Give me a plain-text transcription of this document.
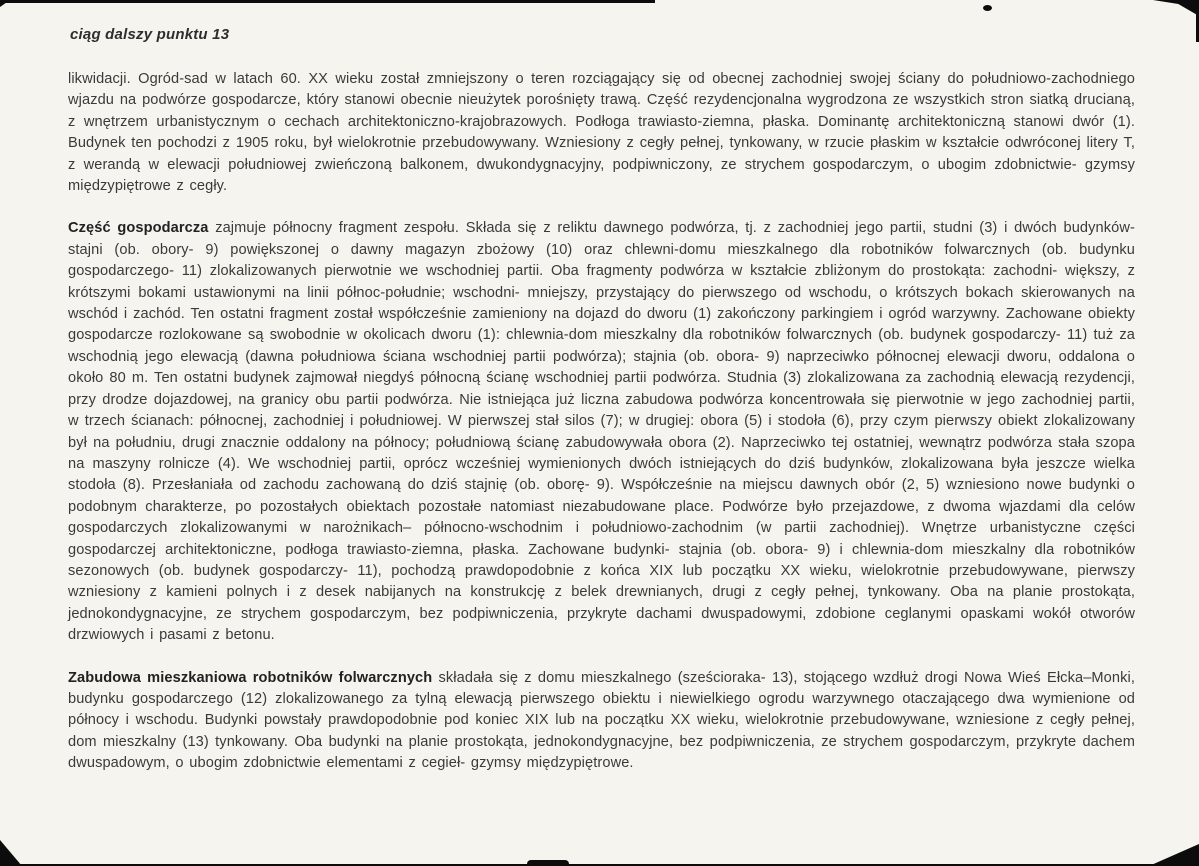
ciąg dalszy punktu 13

likwidacji. Ogród-sad w latach 60. XX wieku został zmniejszony o teren rozciągający się od obecnej zachodniej swojej ściany do południowo-zachodniego wjazdu na podwórze gospodarcze, który stanowi obecnie nieużytek porośnięty trawą. Część rezydencjonalna wygrodzona ze wszystkich stron siatką drucianą, z wnętrzem urbanistycznym o cechach architektoniczno-krajobrazowych. Podłoga trawiasto-ziemna, płaska. Dominantę architektoniczną stanowi dwór (1). Budynek ten pochodzi z 1905 roku, był wielokrotnie przebudowywany. Wzniesiony z cegły pełnej, tynkowany, w rzucie płaskim w kształcie odwróconej litery T, z werandą w elewacji południowej zwieńczoną balkonem, dwukondygnacyjny, podpiwniczony, ze strychem gospodarczym, o ubogim zdobnictwie- gzymsy międzypiętrowe z cegły.

Część gospodarcza zajmuje północny fragment zespołu. Składa się z reliktu dawnego podwórza, tj. z zachodniej jego partii, studni (3) i dwóch budynków- stajni (ob. obory- 9) powiększonej o dawny magazyn zbożowy (10) oraz chlewni-domu mieszkalnego dla robotników folwarcznych (ob. budynku gospodarczego- 11) zlokalizowanych pierwotnie we wschodniej partii. Oba fragmenty podwórza w kształcie zbliżonym do prostokąta: zachodni- większy, z krótszymi bokami ustawionymi na linii północ-południe; wschodni- mniejszy, przystający do pierwszego od wschodu, o krótszych bokach skierowanych na wschód i zachód. Ten ostatni fragment został współcześnie zamieniony na dojazd do dworu (1) zakończony parkingiem i ogród warzywny. Zachowane obiekty gospodarcze rozlokowane są swobodnie w okolicach dworu (1): chlewnia-dom mieszkalny dla robotników folwarcznych (ob. budynek gospodarczy- 11) tuż za wschodnią jego elewacją (dawna południowa ściana wschodniej partii podwórza); stajnia (ob. obora- 9) naprzeciwko północnej elewacji dworu, oddalona o około 80 m. Ten ostatni budynek zajmował niegdyś północną ścianę wschodniej partii podwórza. Studnia (3) zlokalizowana za zachodnią elewacją rezydencji, przy drodze dojazdowej, na granicy obu partii podwórza. Nie istniejąca już liczna zabudowa podwórza koncentrowała się pierwotnie w jego zachodniej partii, w trzech ścianach: północnej, zachodniej i południowej. W pierwszej stał silos (7); w drugiej: obora (5) i stodoła (6), przy czym pierwszy obiekt zlokalizowany był na południu, drugi znacznie oddalony na północy; południową ścianę zabudowywała obora (2). Naprzeciwko tej ostatniej, wewnątrz podwórza stała szopa na maszyny rolnicze (4). We wschodniej partii, oprócz wcześniej wymienionych dwóch istniejących do dziś budynków, zlokalizowana była jeszcze wielka stodoła (8). Przesłaniała od zachodu zachowaną do dziś stajnię (ob. oborę- 9). Współcześnie na miejscu dawnych obór (2, 5) wzniesiono nowe budynki o podobnym charakterze, po pozostałych obiektach pozostałe natomiast niezabudowane place. Podwórze było przejazdowe, z dwoma wjazdami dla celów gospodarczych zlokalizowanymi w narożnikach– północno-wschodnim i południowo-zachodnim (w partii zachodniej). Wnętrze urbanistyczne części gospodarczej architektoniczne, podłoga trawiasto-ziemna, płaska. Zachowane budynki- stajnia (ob. obora- 9) i chlewnia-dom mieszkalny dla robotników sezonowych (ob. budynek gospodarczy- 11), pochodzą prawdopodobnie z końca XIX lub początku XX wieku, wielokrotnie przebudowywane, pierwszy wzniesiony z kamieni polnych i z desek nabijanych na konstrukcję z belek drewnianych, drugi z cegły pełnej, tynkowany. Oba na planie prostokąta, jednokondygnacyjne, ze strychem gospodarczym, bez podpiwniczenia, przykryte dachami dwuspadowymi, zdobione ceglanymi opaskami wokół otworów drzwiowych i pasami z betonu.

Zabudowa mieszkaniowa robotników folwarcznych składała się z domu mieszkalnego (sześcioraka- 13), stojącego wzdłuż drogi Nowa Wieś Ełcka–Monki, budynku gospodarczego (12) zlokalizowanego za tylną elewacją pierwszego obiektu i niewielkiego ogrodu warzywnego otaczającego dwa wymienione od północy i wschodu. Budynki powstały prawdopodobnie pod koniec XIX lub na początku XX wieku, wielokrotnie przebudowywane, wzniesione z cegły pełnej, dom mieszkalny (13) tynkowany. Oba budynki na planie prostokąta, jednokondygnacyjne, bez podpiwniczenia, ze strychem gospodarczym, przykryte dachem dwuspadowym, o ubogim zdobnictwie elementami z cegieł- gzymsy międzypiętrowe.
